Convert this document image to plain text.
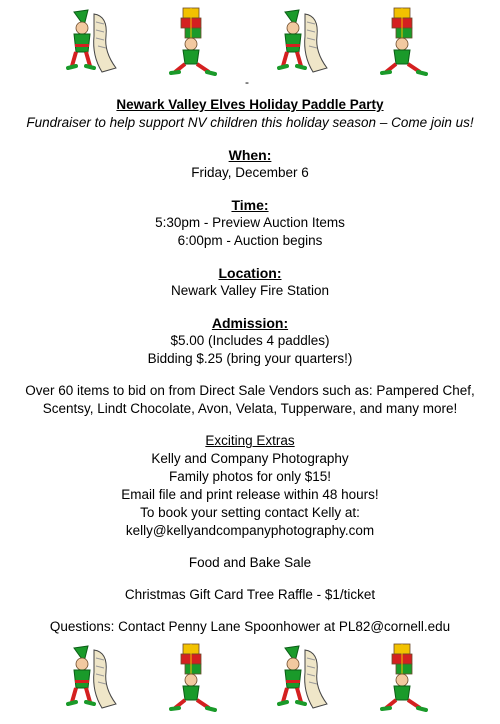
-
Newark Valley Elves Holiday Paddle Party
Fundraiser to help support NV children this holiday season – Come join us!
When:
Friday, December 6
Time:
5:30pm - Preview Auction Items
6:00pm - Auction begins
Location:
Newark Valley Fire Station
Admission:
$5.00 (Includes 4 paddles)
Bidding $.25 (bring your quarters!)
Over 60 items to bid on from Direct Sale Vendors such as: Pampered Chef,
Scentsy, Lindt Chocolate, Avon, Velata, Tupperware, and many more!
Exciting Extras
Kelly and Company Photography
Family photos for only $15!
Email file and print release within 48 hours!
To book your setting contact Kelly at:
kelly@kellyandcompanyphotography.com
Food and Bake Sale
Christmas Gift Card Tree Raffle - $1/ticket
Questions: Contact Penny Lane Spoonhower at PL82@cornell.edu
